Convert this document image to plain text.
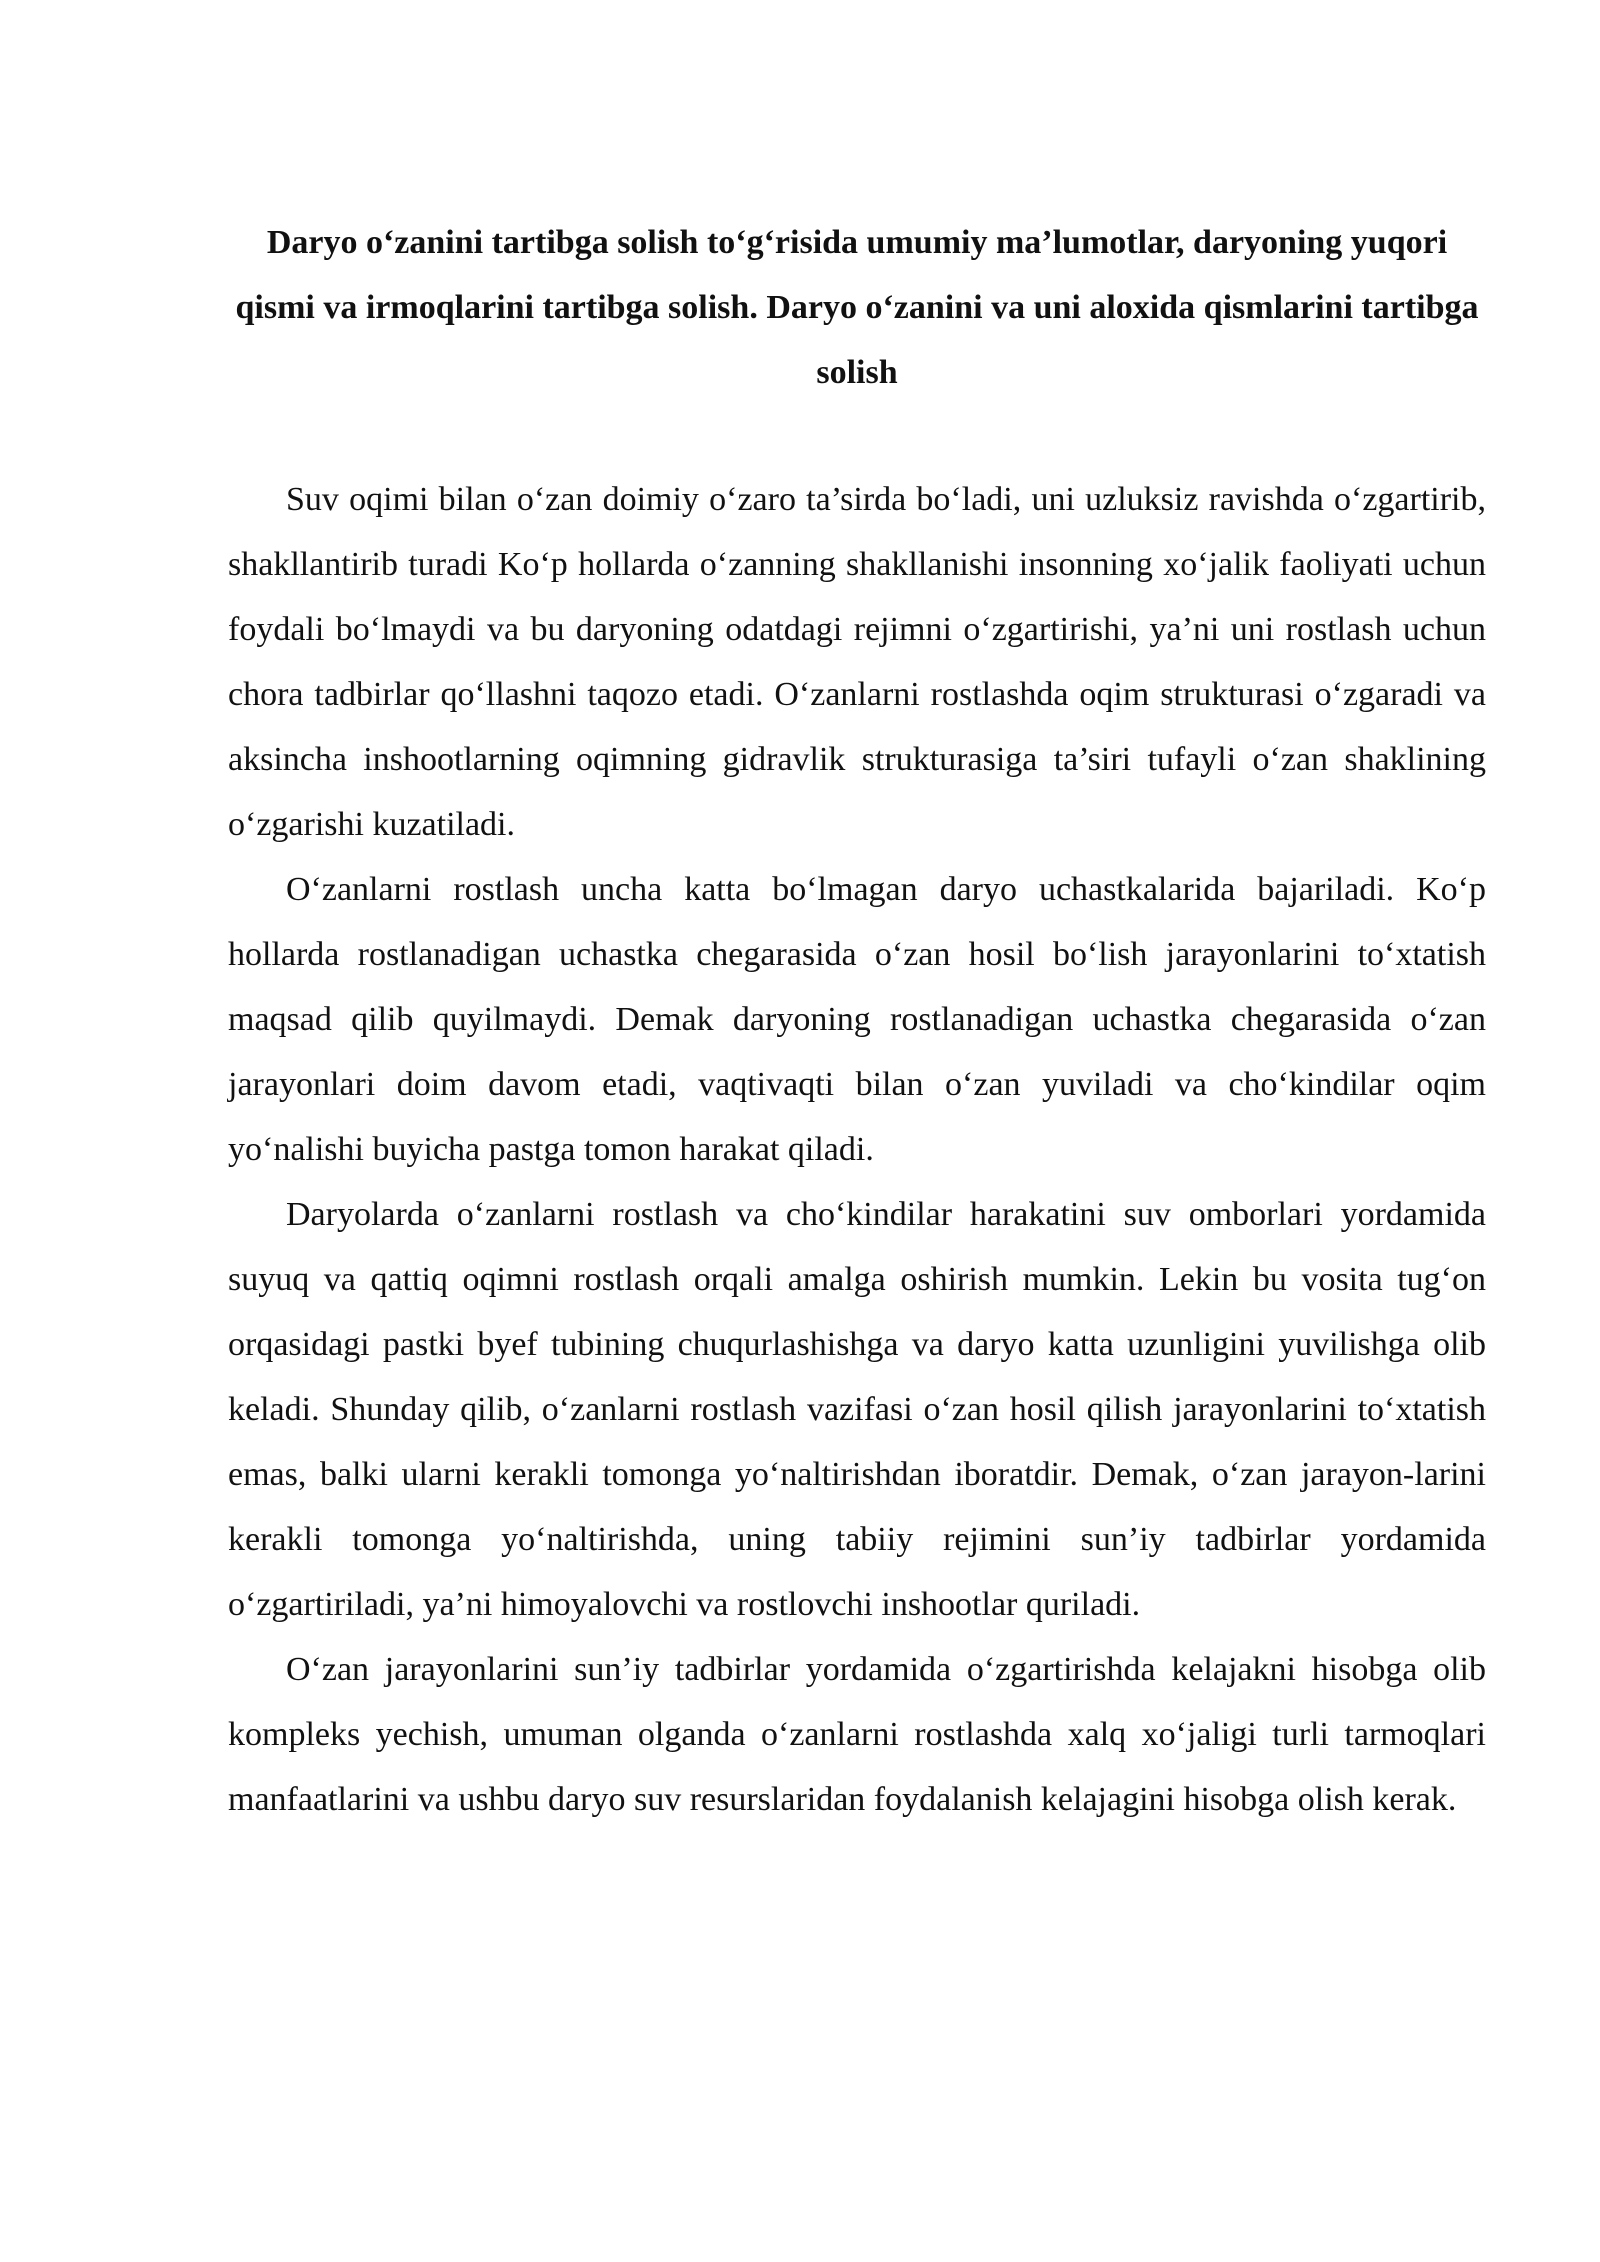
Daryo o‘zanini tartibga solish to‘g‘risida umumiy ma’lumotlar, daryoning yuqori qismi va irmoqlarini tartibga solish. Daryo o‘zanini va uni aloxida qismlarini tartibga solish

Suv oqimi bilan o‘zan doimiy o‘zaro ta’sirda bo‘ladi, uni uzluksiz ravishda o‘zgartirib, shakllantirib turadi Ko‘p hollarda o‘zanning shakllanishi insonning xo‘jalik faoliyati uchun foydali bo‘lmaydi va bu daryoning odatdagi rejimni o‘zgartirishi, ya’ni uni rostlash uchun chora tadbirlar qo‘llashni taqozo etadi. O‘zanlarni rostlashda oqim strukturasi o‘zgaradi va aksincha inshootlarning oqimning gidravlik strukturasiga ta’siri tufayli o‘zan shaklining o‘zgarishi kuzatiladi.

O‘zanlarni rostlash uncha katta bo‘lmagan daryo uchastkalarida bajariladi. Ko‘p hollarda rostlanadigan uchastka chegarasida o‘zan hosil bo‘lish jarayonlarini to‘xtatish maqsad qilib quyilmaydi. Demak daryoning rostlanadigan uchastka chegarasida o‘zan jarayonlari doim davom etadi, vaqtivaqti bilan o‘zan yuviladi va cho‘kindilar oqim yo‘nalishi buyicha pastga tomon harakat qiladi.

Daryolarda o‘zanlarni rostlash va cho‘kindilar harakatini suv omborlari yordamida suyuq va qattiq oqimni rostlash orqali amalga oshirish mumkin. Lekin bu vosita tug‘on orqasidagi pastki byef tubining chuqurlashishga va daryo katta uzunligini yuvilishga olib keladi. Shunday qilib, o‘zanlarni rostlash vazifasi o‘zan hosil qilish jarayonlarini to‘xtatish emas, balki ularni kerakli tomonga yo‘naltirishdan iboratdir. Demak, o‘zan jarayon-larini kerakli tomonga yo‘naltirishda, uning tabiiy rejimini sun’iy tadbirlar yordamida o‘zgartiriladi, ya’ni himoyalovchi va rostlovchi inshootlar quriladi.

O‘zan jarayonlarini sun’iy tadbirlar yordamida o‘zgartirishda kelajakni hisobga olib kompleks yechish, umuman olganda o‘zanlarni rostlashda xalq xo‘jaligi turli tarmoqlari manfaatlarini va ushbu daryo suv resurslaridan foydalanish kelajagini hisobga olish kerak.
